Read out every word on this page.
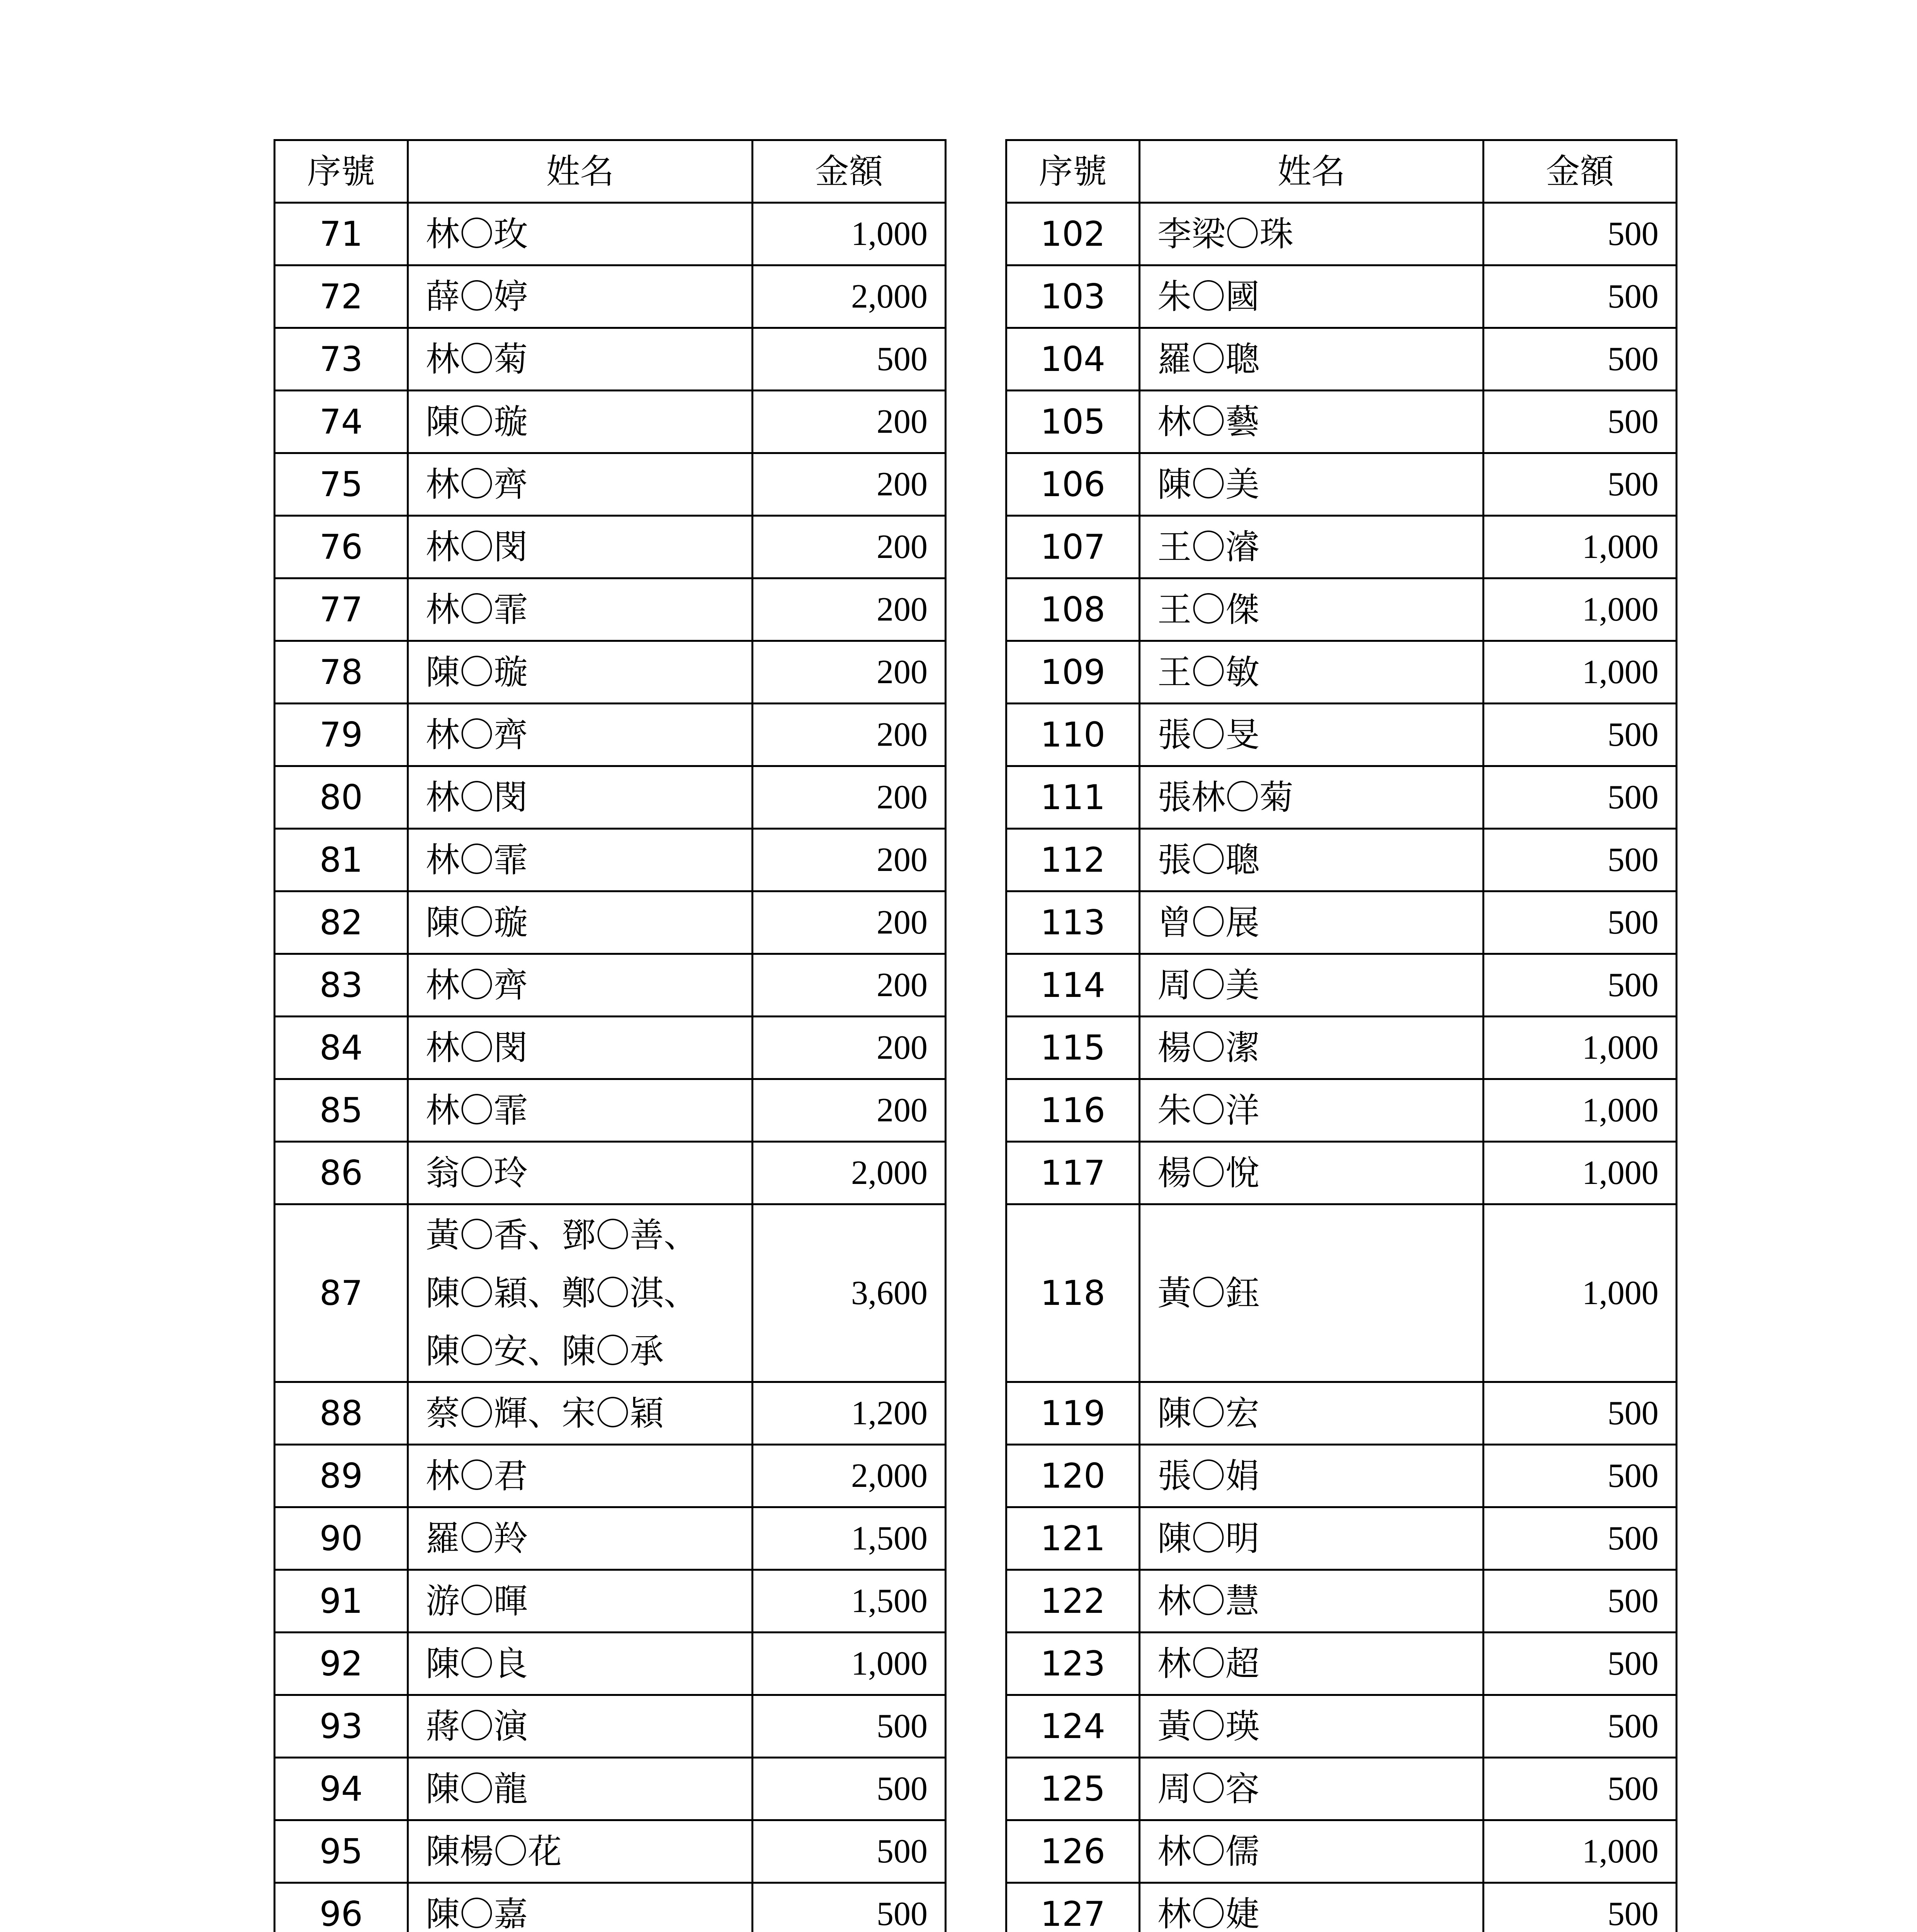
序號	姓名	金額
71	林〇玫	1,000
72	薛〇婷	2,000
73	林〇菊	500
74	陳〇璇	200
75	林〇齊	200
76	林〇閔	200
77	林〇霏	200
78	陳〇璇	200
79	林〇齊	200
80	林〇閔	200
81	林〇霏	200
82	陳〇璇	200
83	林〇齊	200
84	林〇閔	200
85	林〇霏	200
86	翁〇玲	2,000
87	黃〇香、鄧〇善、
陳〇穎、鄭〇淇、
陳〇安、陳〇承	3,600
88	蔡〇輝、宋〇穎	1,200
89	林〇君	2,000
90	羅〇羚	1,500
91	游〇暉	1,500
92	陳〇良	1,000
93	蔣〇演	500
94	陳〇龍	500
95	陳楊〇花	500
96	陳〇嘉	500

序號	姓名	金額
102	李梁〇珠	500
103	朱〇國	500
104	羅〇聰	500
105	林〇藝	500
106	陳〇美	500
107	王〇濬	1,000
108	王〇傑	1,000
109	王〇敏	1,000
110	張〇旻	500
111	張林〇菊	500
112	張〇聰	500
113	曾〇展	500
114	周〇美	500
115	楊〇潔	1,000
116	朱〇洋	1,000
117	楊〇悅	1,000
118	黃〇鈺	1,000
119	陳〇宏	500
120	張〇娟	500
121	陳〇明	500
122	林〇慧	500
123	林〇超	500
124	黃〇瑛	500
125	周〇容	500
126	林〇儒	1,000
127	林〇婕	500
